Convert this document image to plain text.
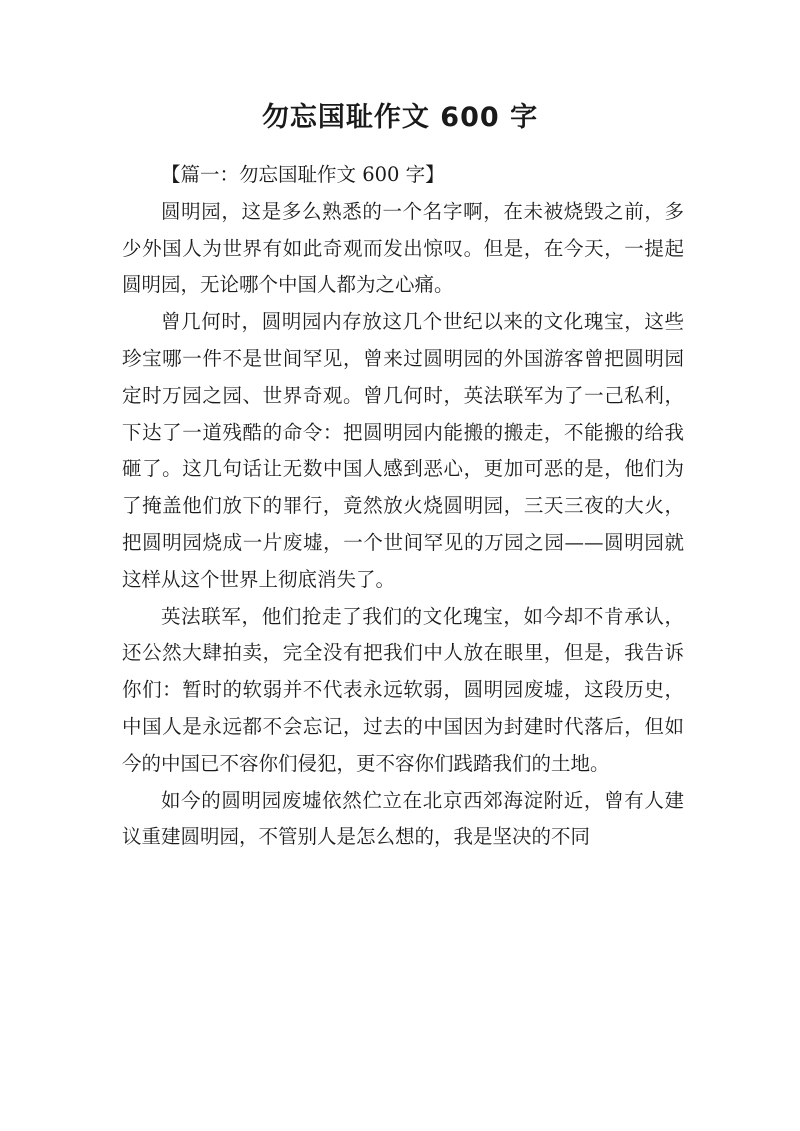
勿忘国耻作文 600 字

【篇一：勿忘国耻作文 600 字】

圆明园，这是多么熟悉的一个名字啊，在未被烧毁之前，多少外国人为世界有如此奇观而发出惊叹。但是，在今天，一提起圆明园，无论哪个中国人都为之心痛。

曾几何时，圆明园内存放这几个世纪以来的文化瑰宝，这些珍宝哪一件不是世间罕见，曾来过圆明园的外国游客曾把圆明园定时万园之园、世界奇观。曾几何时，英法联军为了一己私利，下达了一道残酷的命令：把圆明园内能搬的搬走，不能搬的给我砸了。这几句话让无数中国人感到恶心，更加可恶的是，他们为了掩盖他们放下的罪行，竟然放火烧圆明园，三天三夜的大火，把圆明园烧成一片废墟，一个世间罕见的万园之园——圆明园就这样从这个世界上彻底消失了。

英法联军，他们抢走了我们的文化瑰宝，如今却不肯承认，还公然大肆拍卖，完全没有把我们中人放在眼里，但是，我告诉你们：暂时的软弱并不代表永远软弱，圆明园废墟，这段历史，中国人是永远都不会忘记，过去的中国因为封建时代落后，但如今的中国已不容你们侵犯，更不容你们践踏我们的土地。

如今的圆明园废墟依然伫立在北京西郊海淀附近，曾有人建议重建圆明园，不管别人是怎么想的，我是坚决的不同
